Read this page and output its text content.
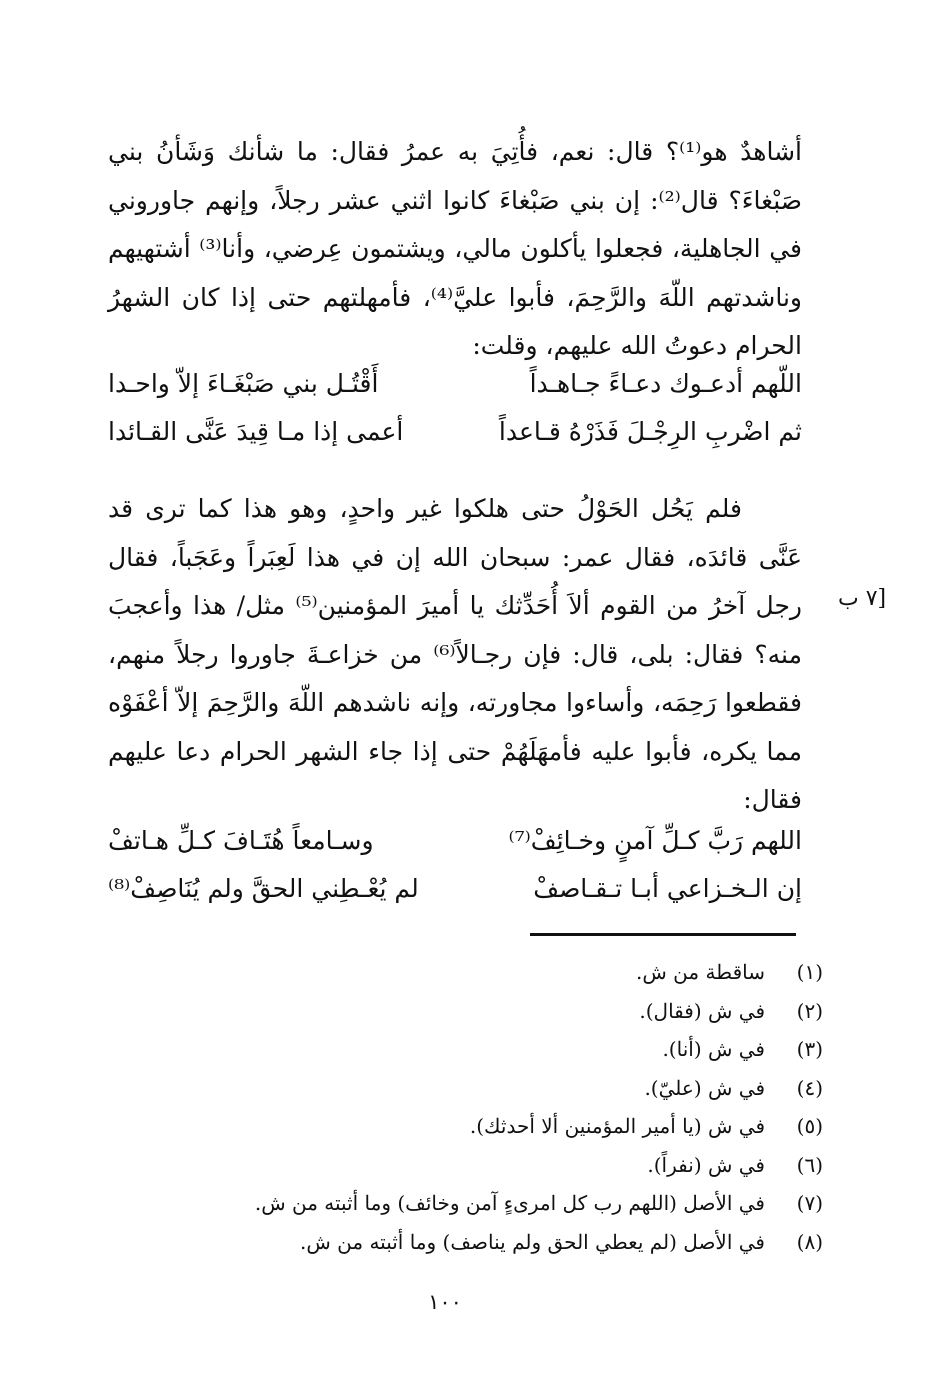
أشاهدٌ هو⁽¹⁾؟ قال: نعم، فأُتِيَ به عمرُ فقال: ما شأنك وَشَأنُ بني صَبْغاءَ؟ قال⁽²⁾: إن بني صَبْغاءَ كانوا اثني عشر رجلاً، وإنهم جاوروني في الجاهلية، فجعلوا يأكلون مالي، ويشتمون عِرضي، وأنا⁽³⁾ أشتهيهم وناشدتهم اللّهَ والرَّحِمَ، فأبوا عليَّ⁽⁴⁾، فأمهلتهم حتى إذا كان الشهرُ الحرام دعوتُ الله عليهم، وقلت:
اللّهم أدعـوك دعـاءً جـاهـداً
أَقْتُـل بني صَبْغَـاءَ إلاّ واحـدا
ثم اضْربِ الرِجْـلَ فَذَرْهُ قـاعداً
أعمى إذا مـا قِيدَ عَنَّى القـائدا
فلم يَحُل الحَوْلُ حتى هلكوا غير واحدٍ، وهو هذا كما ترى قد عَنَّى قائدَه، فقال عمر: سبحان الله إن في هذا لَعِبَراً وعَجَباً، فقال رجل آخرُ من القوم ألاَ أُحَدِّثك يا أميرَ المؤمنين⁽⁵⁾ مثل/ هذا وأعجبَ منه؟ فقال: بلى، قال: فإن رجـالاً⁽⁶⁾ من خزاعـةَ جاوروا رجلاً منهم، فقطعوا رَحِمَه، وأساءوا مجاورته، وإنه ناشدهم اللّهَ والرَّحِمَ إلاّ أعْفَوْه مما يكره، فأبوا عليه فأمهَلَهُمْ حتى إذا جاء الشهر الحرام دعا عليهم فقال:
[٧ ب
اللهم رَبَّ كـلِّ آمنٍ وخـائِفْ⁽⁷⁾
وسـامعاً هُتَـافَ كـلِّ هـاتفْ
إن الـخـزاعي أبـا تـقـاصفْ
لم يُعْـطِني الحقَّ ولم يُنَاصِفْ⁽⁸⁾
(١)
ساقطة من ش.
(٢)
في ش (فقال).
(٣)
في ش (أنا).
(٤)
في ش (عليّ).
(٥)
في ش (يا أمير المؤمنين ألا أحدثك).
(٦)
في ش (نفراً).
(٧)
في الأصل (اللهم رب كل امرىءٍ آمن وخائف) وما أثبته من ش.
(٨)
في الأصل (لم يعطي الحق ولم يناصف) وما أثبته من ش.
١٠٠
